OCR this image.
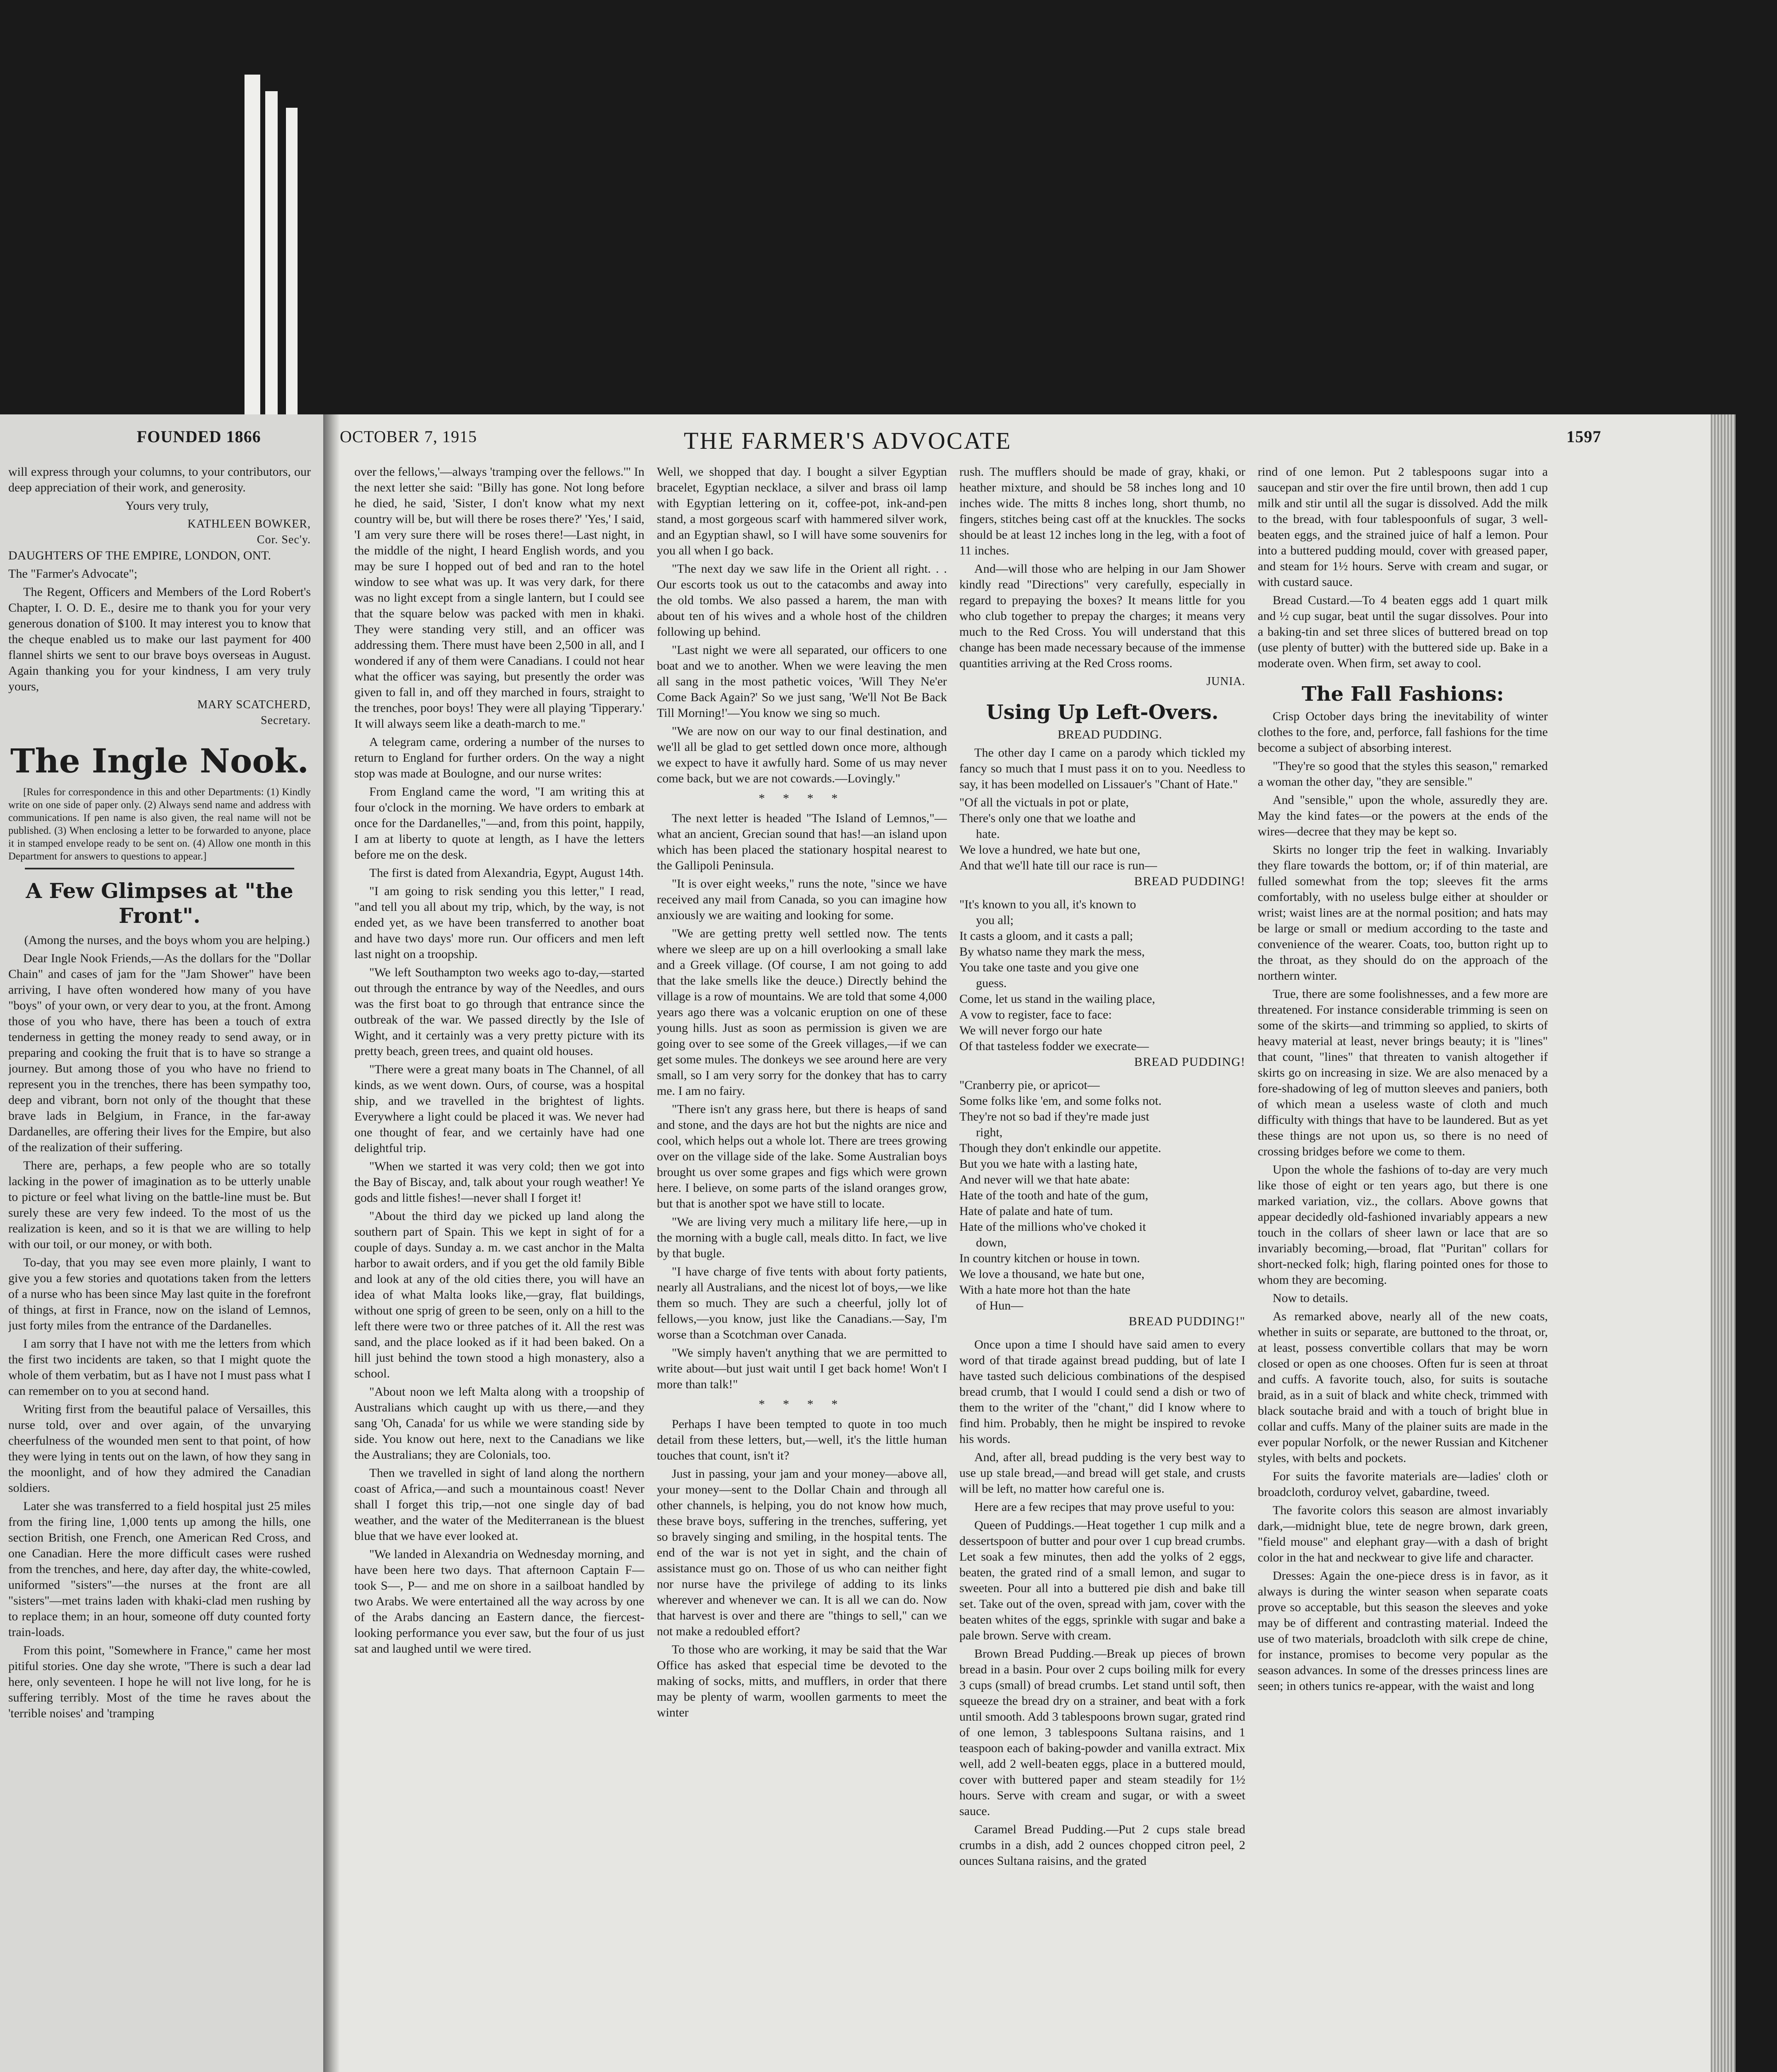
FOUNDED 1866	OCTOBER 7, 1915	THE FARMER'S ADVOCATE	1597

will express through your columns, to your contributors, our deep appreciation of their work, and generosity.

Yours very truly,

KATHLEEN BOWKER,
Cor. Sec'y.

DAUGHTERS OF THE EMPIRE, LONDON, ONT.

The "Farmer's Advocate";

The Regent, Officers and Members of the Lord Robert's Chapter, I. O. D. E., desire me to thank you for your very generous donation of $100. It may interest you to know that the cheque enabled us to make our last payment for 400 flannel shirts we sent to our brave boys overseas in August. Again thanking you for your kindness, I am very truly yours,

MARY SCATCHERD,
Secretary.
The Ingle Nook.

[Rules for correspondence in this and other Departments: (1) Kindly write on one side of paper only. (2) Always send name and address with communications. If pen name is also given, the real name will not be published. (3) When enclosing a letter to be forwarded to anyone, place it in stamped envelope ready to be sent on. (4) Allow one month in this Department for answers to questions to appear.]

A Few Glimpses at "the Front".

(Among the nurses, and the boys whom you are helping.)

Dear Ingle Nook Friends,—As the dollars for the "Dollar Chain" and cases of jam for the "Jam Shower" have been arriving, I have often wondered how many of you have "boys" of your own, or very dear to you, at the front. Among those of you who have, there has been a touch of extra tenderness in getting the money ready to send away, or in preparing and cooking the fruit that is to have so strange a journey. But among those of you who have no friend to represent you in the trenches, there has been sympathy too, deep and vibrant, born not only of the thought that these brave lads in Belgium, in France, in the far-away Dardanelles, are offering their lives for the Empire, but also of the realization of their suffering.

There are, perhaps, a few people who are so totally lacking in the power of imagination as to be utterly unable to picture or feel what living on the battle-line must be. But surely these are very few indeed. To the most of us the realization is keen, and so it is that we are willing to help with our toil, or our money, or with both.

To-day, that you may see even more plainly, I want to give you a few stories and quotations taken from the letters of a nurse who has been since May last quite in the forefront of things, at first in France, now on the island of Lemnos, just forty miles from the entrance of the Dardanelles.

I am sorry that I have not with me the letters from which the first two incidents are taken, so that I might quote the whole of them verbatim, but as I have not I must pass what I can remember on to you at second hand.

Writing first from the beautiful palace of Versailles, this nurse told, over and over again, of the unvarying cheerfulness of the wounded men sent to that point, of how they were lying in tents out on the lawn, of how they sang in the moonlight, and of how they admired the Canadian soldiers.

Later she was transferred to a field hospital just 25 miles from the firing line, 1,000 tents up among the hills, one section British, one French, one American Red Cross, and one Canadian. Here the more difficult cases were rushed from the trenches, and here, day after day, the white-cowled, uniformed "sisters"—the nurses at the front are all "sisters"—met trains laden with khaki-clad men rushing by to replace them; in an hour, someone off duty counted forty train-loads.

From this point, "Somewhere in France," came her most pitiful stories. One day she wrote, "There is such a dear lad here, only seventeen. I hope he will not live long, for he is suffering terribly. Most of the time he raves about the 'terrible noises' and 'tramping

over the fellows,'—always 'tramping over the fellows.'" In the next letter she said: "Billy has gone. Not long before he died, he said, 'Sister, I don't know what my next country will be, but will there be roses there?' 'Yes,' I said, 'I am very sure there will be roses there!—Last night, in the middle of the night, I heard English words, and you may be sure I hopped out of bed and ran to the hotel window to see what was up. It was very dark, for there was no light except from a single lantern, but I could see that the square below was packed with men in khaki. They were standing very still, and an officer was addressing them. There must have been 2,500 in all, and I wondered if any of them were Canadians. I could not hear what the officer was saying, but presently the order was given to fall in, and off they marched in fours, straight to the trenches, poor boys! They were all playing 'Tipperary.' It will always seem like a death-march to me."

A telegram came, ordering a number of the nurses to return to England for further orders. On the way a night stop was made at Boulogne, and our nurse writes:

From England came the word, "I am writing this at four o'clock in the morning. We have orders to embark at once for the Dardanelles,"—and, from this point, happily, I am at liberty to quote at length, as I have the letters before me on the desk.

The first is dated from Alexandria, Egypt, August 14th.

"I am going to risk sending you this letter," I read, "and tell you all about my trip, which, by the way, is not ended yet, as we have been transferred to another boat and have two days' more run. Our officers and men left last night on a troopship.

"We left Southampton two weeks ago to-day,—started out through the entrance by way of the Needles, and ours was the first boat to go through that entrance since the outbreak of the war. We passed directly by the Isle of Wight, and it certainly was a very pretty picture with its pretty beach, green trees, and quaint old houses.

"There were a great many boats in The Channel, of all kinds, as we went down. Ours, of course, was a hospital ship, and we travelled in the brightest of lights. Everywhere a light could be placed it was. We never had one thought of fear, and we certainly have had one delightful trip.

"When we started it was very cold; then we got into the Bay of Biscay, and, talk about your rough weather! Ye gods and little fishes!—never shall I forget it!

"About the third day we picked up land along the southern part of Spain. This we kept in sight of for a couple of days. Sunday a. m. we cast anchor in the Malta harbor to await orders, and if you get the old family Bible and look at any of the old cities there, you will have an idea of what Malta looks like,—gray, flat buildings, without one sprig of green to be seen, only on a hill to the left there were two or three patches of it. All the rest was sand, and the place looked as if it had been baked. On a hill just behind the town stood a high monastery, also a school.

"About noon we left Malta along with a troopship of Australians which caught up with us there,—and they sang 'Oh, Canada' for us while we were standing side by side. You know out here, next to the Canadians we like the Australians; they are Colonials, too.

Then we travelled in sight of land along the northern coast of Africa,—and such a mountainous coast! Never shall I forget this trip,—not one single day of bad weather, and the water of the Mediterranean is the bluest blue that we have ever looked at.

"We landed in Alexandria on Wednesday morning, and have been here two days. That afternoon Captain F— took S—, P— and me on shore in a sailboat handled by two Arabs. We were entertained all the way across by one of the Arabs dancing an Eastern dance, the fiercest-looking performance you ever saw, but the four of us just sat and laughed until we were tired.

Well, we shopped that day. I bought a silver Egyptian bracelet, Egyptian necklace, a silver and brass oil lamp with Egyptian lettering on it, coffee-pot, ink-and-pen stand, a most gorgeous scarf with hammered silver work, and an Egyptian shawl, so I will have some souvenirs for you all when I go back.

"The next day we saw life in the Orient all right. . . Our escorts took us out to the catacombs and away into the old tombs. We also passed a harem, the man with about ten of his wives and a whole host of the children following up behind.

"Last night we were all separated, our officers to one boat and we to another. When we were leaving the men all sang in the most pathetic voices, 'Will They Ne'er Come Back Again?' So we just sang, 'We'll Not Be Back Till Morning!'—You know we sing so much.

"We are now on our way to our final destination, and we'll all be glad to get settled down once more, although we expect to have it awfully hard. Some of us may never come back, but we are not cowards.—Lovingly."

* * * *

The next letter is headed "The Island of Lemnos,"—what an ancient, Grecian sound that has!—an island upon which has been placed the stationary hospital nearest to the Gallipoli Peninsula.

"It is over eight weeks," runs the note, "since we have received any mail from Canada, so you can imagine how anxiously we are waiting and looking for some.

"We are getting pretty well settled now. The tents where we sleep are up on a hill overlooking a small lake and a Greek village. (Of course, I am not going to add that the lake smells like the deuce.) Directly behind the village is a row of mountains. We are told that some 4,000 years ago there was a volcanic eruption on one of these young hills. Just as soon as permission is given we are going over to see some of the Greek villages,—if we can get some mules. The donkeys we see around here are very small, so I am very sorry for the donkey that has to carry me. I am no fairy.

"There isn't any grass here, but there is heaps of sand and stone, and the days are hot but the nights are nice and cool, which helps out a whole lot. There are trees growing over on the village side of the lake. Some Australian boys brought us over some grapes and figs which were grown here. I believe, on some parts of the island oranges grow, but that is another spot we have still to locate.

"We are living very much a military life here,—up in the morning with a bugle call, meals ditto. In fact, we live by that bugle.

"I have charge of five tents with about forty patients, nearly all Australians, and the nicest lot of boys,—we like them so much. They are such a cheerful, jolly lot of fellows,—you know, just like the Canadians.—Say, I'm worse than a Scotchman over Canada.

"We simply haven't anything that we are permitted to write about—but just wait until I get back home! Won't I more than talk!"

* * * *

Perhaps I have been tempted to quote in too much detail from these letters, but,—well, it's the little human touches that count, isn't it?

Just in passing, your jam and your money—above all, your money—sent to the Dollar Chain and through all other channels, is helping, you do not know how much, these brave boys, suffering in the trenches, suffering, yet so bravely singing and smiling, in the hospital tents. The end of the war is not yet in sight, and the chain of assistance must go on. Those of us who can neither fight nor nurse have the privilege of adding to its links wherever and whenever we can. It is all we can do. Now that harvest is over and there are "things to sell," can we not make a redoubled effort?

To those who are working, it may be said that the War Office has asked that especial time be devoted to the making of socks, mitts, and mufflers, in order that there may be plenty of warm, woollen garments to meet the winter

rush. The mufflers should be made of gray, khaki, or heather mixture, and should be 58 inches long and 10 inches wide. The mitts 8 inches long, short thumb, no fingers, stitches being cast off at the knuckles. The socks should be at least 12 inches long in the leg, with a foot of 11 inches.

And—will those who are helping in our Jam Shower kindly read "Directions" very carefully, especially in regard to prepaying the boxes? It means little for you who club together to prepay the charges; it means very much to the Red Cross. You will understand that this change has been made necessary because of the immense quantities arriving at the Red Cross rooms.

JUNIA.
Using Up Left-Overs.

BREAD PUDDING.

The other day I came on a parody which tickled my fancy so much that I must pass it on to you. Needless to say, it has been modelled on Lissauer's "Chant of Hate."

"Of all the victuals in pot or plate,

There's only one that we loathe and

hate.

We love a hundred, we hate but one,

And that we'll hate till our race is run—

BREAD PUDDING!

"It's known to you all, it's known to

you all;

It casts a gloom, and it casts a pall;

By whatso name they mark the mess,

You take one taste and you give one

guess.

Come, let us stand in the wailing place,

A vow to register, face to face:

We will never forgo our hate

Of that tasteless fodder we execrate—

BREAD PUDDING!

"Cranberry pie, or apricot—

Some folks like 'em, and some folks not.

They're not so bad if they're made just

right,

Though they don't enkindle our appetite.

But you we hate with a lasting hate,

And never will we that hate abate:

Hate of the tooth and hate of the gum,

Hate of palate and hate of tum.

Hate of the millions who've choked it

down,

In country kitchen or house in town.

We love a thousand, we hate but one,

With a hate more hot than the hate

of Hun—

BREAD PUDDING!"

Once upon a time I should have said amen to every word of that tirade against bread pudding, but of late I have tasted such delicious combinations of the despised bread crumb, that I would I could send a dish or two of them to the writer of the "chant," did I know where to find him. Probably, then he might be inspired to revoke his words.

And, after all, bread pudding is the very best way to use up stale bread,—and bread will get stale, and crusts will be left, no matter how careful one is.

Here are a few recipes that may prove useful to you:

Queen of Puddings.—Heat together 1 cup milk and a dessertspoon of butter and pour over 1 cup bread crumbs. Let soak a few minutes, then add the yolks of 2 eggs, beaten, the grated rind of a small lemon, and sugar to sweeten. Pour all into a buttered pie dish and bake till set. Take out of the oven, spread with jam, cover with the beaten whites of the eggs, sprinkle with sugar and bake a pale brown. Serve with cream.

Brown Bread Pudding.—Break up pieces of brown bread in a basin. Pour over 2 cups boiling milk for every 3 cups (small) of bread crumbs. Let stand until soft, then squeeze the bread dry on a strainer, and beat with a fork until smooth. Add 3 tablespoons brown sugar, grated rind of one lemon, 3 tablespoons Sultana raisins, and 1 teaspoon each of baking-powder and vanilla extract. Mix well, add 2 well-beaten eggs, place in a buttered mould, cover with buttered paper and steam steadily for 1½ hours. Serve with cream and sugar, or with a sweet sauce.

Caramel Bread Pudding.—Put 2 cups stale bread crumbs in a dish, add 2 ounces chopped citron peel, 2 ounces Sultana raisins, and the grated

rind of one lemon. Put 2 tablespoons sugar into a saucepan and stir over the fire until brown, then add 1 cup milk and stir until all the sugar is dissolved. Add the milk to the bread, with four tablespoonfuls of sugar, 3 well-beaten eggs, and the strained juice of half a lemon. Pour into a buttered pudding mould, cover with greased paper, and steam for 1½ hours. Serve with cream and sugar, or with custard sauce.

Bread Custard.—To 4 beaten eggs add 1 quart milk and ½ cup sugar, beat until the sugar dissolves. Pour into a baking-tin and set three slices of buttered bread on top (use plenty of butter) with the buttered side up. Bake in a moderate oven. When firm, set away to cool.

The Fall Fashions:

Crisp October days bring the inevitability of winter clothes to the fore, and, perforce, fall fashions for the time become a subject of absorbing interest.

"They're so good that the styles this season," remarked a woman the other day, "they are sensible."

And "sensible," upon the whole, assuredly they are. May the kind fates—or the powers at the ends of the wires—decree that they may be kept so.

Skirts no longer trip the feet in walking. Invariably they flare towards the bottom, or; if of thin material, are fulled somewhat from the top; sleeves fit the arms comfortably, with no useless bulge either at shoulder or wrist; waist lines are at the normal position; and hats may be large or small or medium according to the taste and convenience of the wearer. Coats, too, button right up to the throat, as they should do on the approach of the northern winter.

True, there are some foolishnesses, and a few more are threatened. For instance considerable trimming is seen on some of the skirts—and trimming so applied, to skirts of heavy material at least, never brings beauty; it is "lines" that count, "lines" that threaten to vanish altogether if skirts go on increasing in size. We are also menaced by a fore-shadowing of leg of mutton sleeves and paniers, both of which mean a useless waste of cloth and much difficulty with things that have to be laundered. But as yet these things are not upon us, so there is no need of crossing bridges before we come to them.

Upon the whole the fashions of to-day are very much like those of eight or ten years ago, but there is one marked variation, viz., the collars. Above gowns that appear decidedly old-fashioned invariably appears a new touch in the collars of sheer lawn or lace that are so invariably becoming,—broad, flat "Puritan" collars for short-necked folk; high, flaring pointed ones for those to whom they are becoming.

Now to details.

As remarked above, nearly all of the new coats, whether in suits or separate, are buttoned to the throat, or, at least, possess convertible collars that may be worn closed or open as one chooses. Often fur is seen at throat and cuffs. A favorite touch, also, for suits is soutache braid, as in a suit of black and white check, trimmed with black soutache braid and with a touch of bright blue in collar and cuffs. Many of the plainer suits are made in the ever popular Norfolk, or the newer Russian and Kitchener styles, with belts and pockets.

For suits the favorite materials are—ladies' cloth or broadcloth, corduroy velvet, gabardine, tweed.

The favorite colors this season are almost invariably dark,—midnight blue, tete de negre brown, dark green, "field mouse" and elephant gray—with a dash of bright color in the hat and neckwear to give life and character.

Dresses: Again the one-piece dress is in favor, as it always is during the winter season when separate coats prove so acceptable, but this season the sleeves and yoke may be of different and contrasting material. Indeed the use of two materials, broadcloth with silk crepe de chine, for instance, promises to become very popular as the season advances. In some of the dresses princess lines are seen; in others tunics re-appear, with the waist and long
